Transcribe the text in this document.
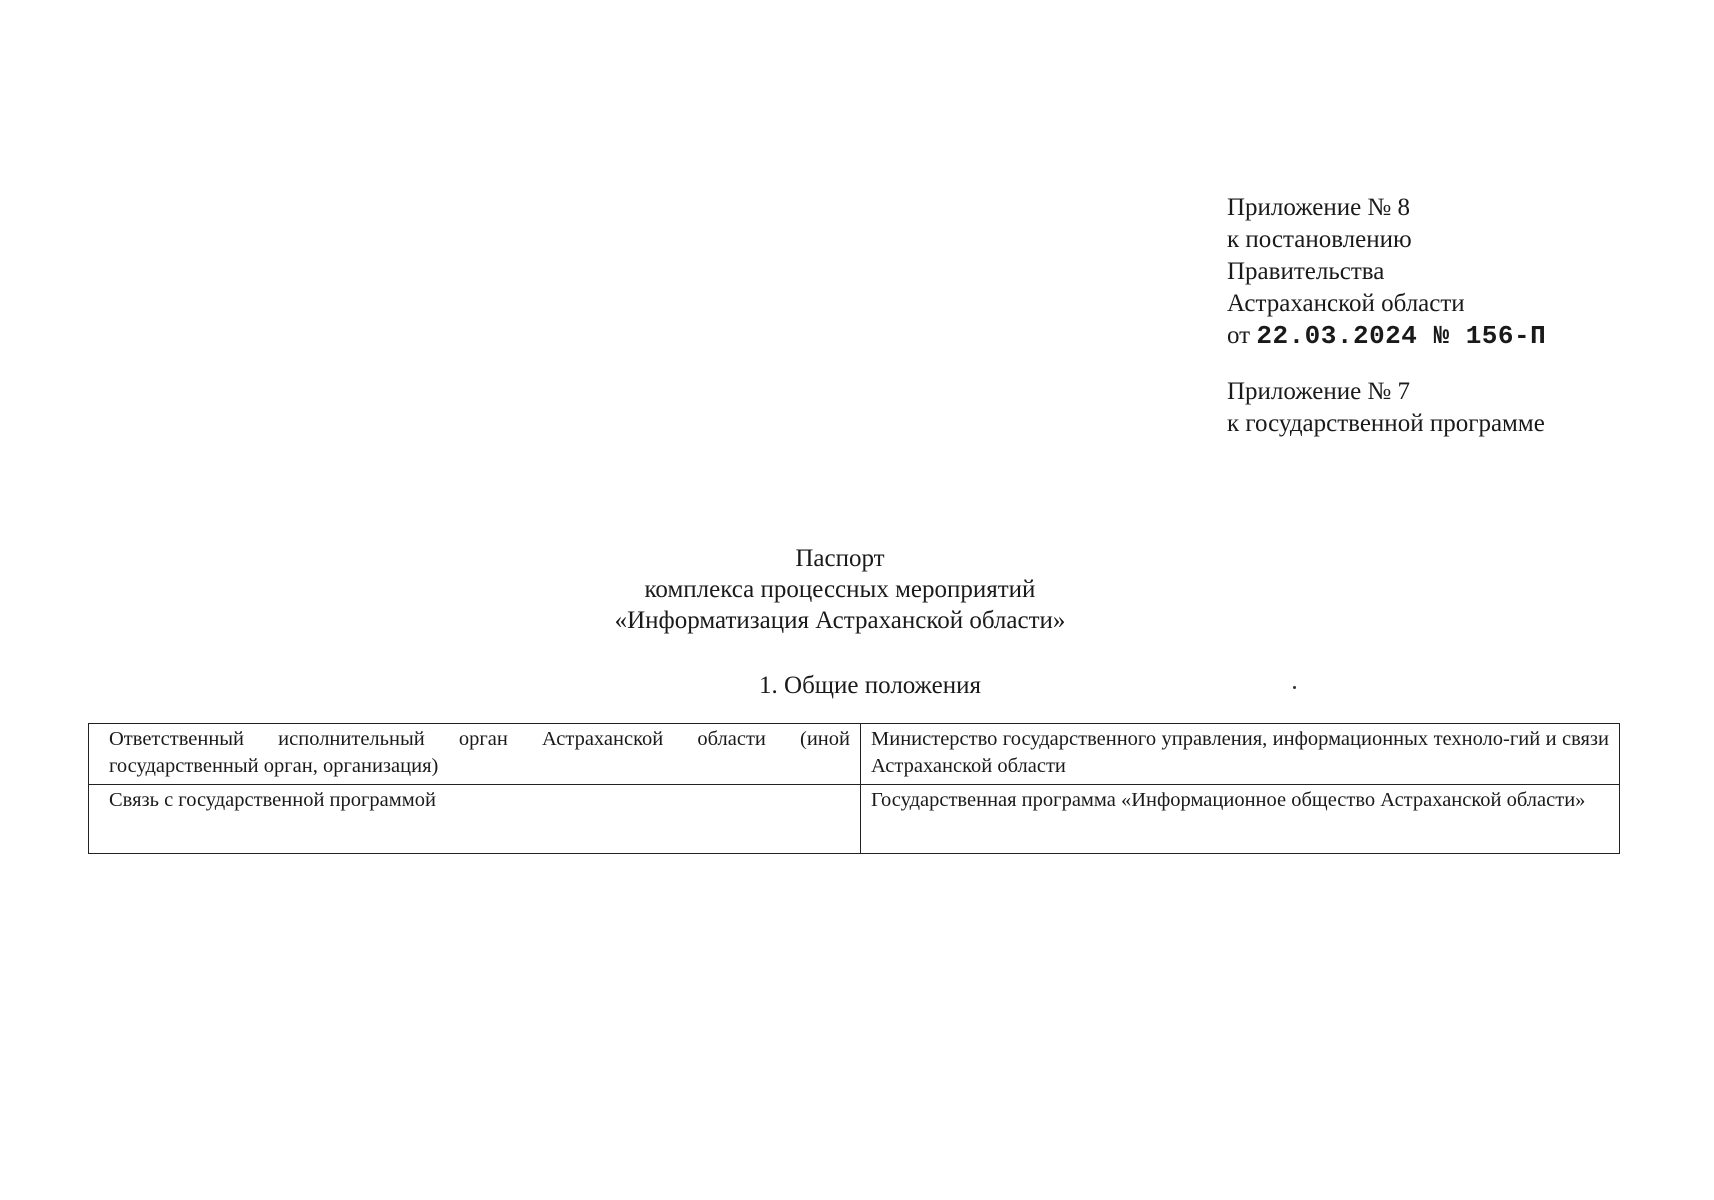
Приложение № 8
к постановлению
Правительства
Астраханской области
от 22.03.2024 № 156-П
Приложение № 7
к государственной программе
Паспорт
комплекса процессных мероприятий
«Информатизация Астраханской области»
1. Общие положения
Ответственный исполнительный орган Астраханской области (иной государственный орган, организация)	Министерство государственного управления, информационных техноло-гий и связи Астраханской области
Связь с государственной программой	Государственная программа «Информационное общество Астраханской области»
